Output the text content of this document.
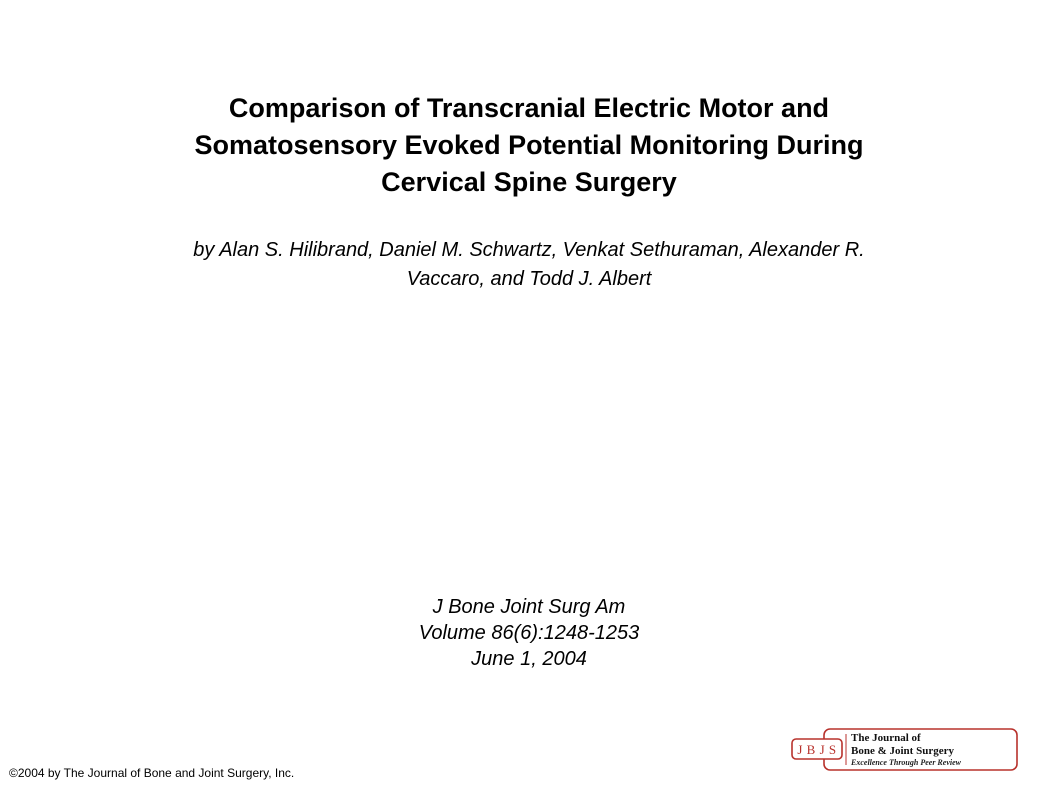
Comparison of Transcranial Electric Motor and
Somatosensory Evoked Potential Monitoring During
Cervical Spine Surgery

by Alan S. Hilibrand, Daniel M. Schwartz, Venkat Sethuraman, Alexander R.
Vaccaro, and Todd J. Albert

J Bone Joint Surg Am
Volume 86(6):1248-1253
June 1, 2004
©2004 by The Journal of Bone and Joint Surgery, Inc.
J B J S
The Journal of
Bone & Joint Surgery
Excellence Through Peer Review
